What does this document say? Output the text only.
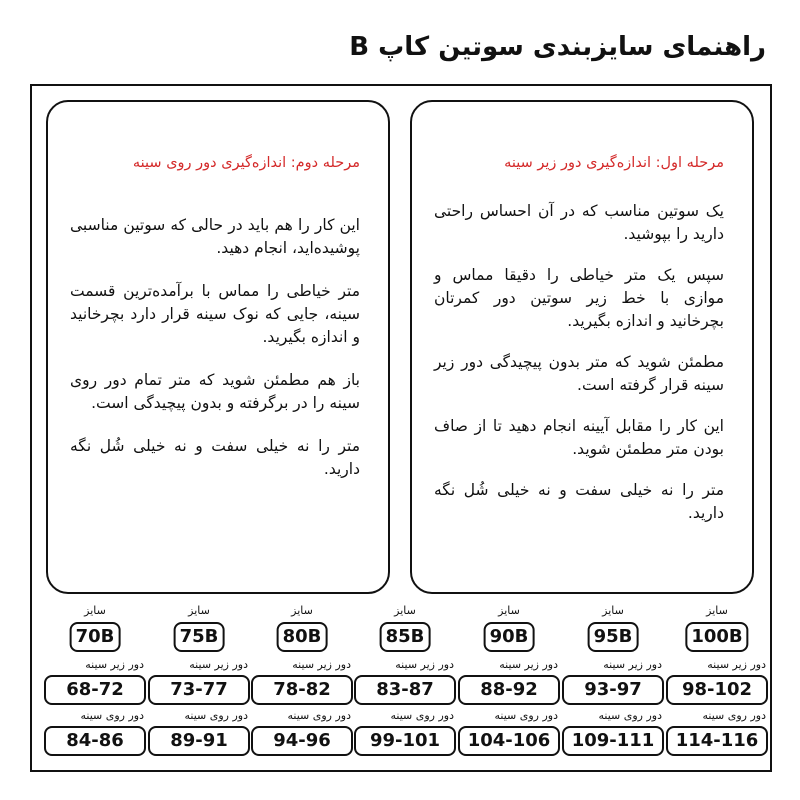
راهنمای سایزبندی سوتین کاپ B

مرحله اول: اندازه‌گیری دور زیر سینه

یک سوتین مناسب که در آن احساس راحتی دارید را بپوشید.

سپس یک متر خیاطی را دقیقا مماس و موازی با خط زیر سوتین دور کمرتان بچرخانید و اندازه بگیرید.

مطمئن شوید که متر بدون پیچیدگی دور زیر سینه قرار گرفته است.

این کار را مقابل آیینه انجام دهید تا از صاف بودن متر مطمئن شوید.

متر را نه خیلی سفت و نه خیلی شُل نگه دارید.

مرحله دوم: اندازه‌گیری دور روی سینه

این کار را هم باید در حالی که سوتین مناسبی پوشیده‌اید، انجام دهید.

متر خیاطی را مماس با برآمده‌ترین قسمت سینه، جایی که نوک سینه قرار دارد بچرخانید و اندازه بگیرید.

باز هم مطمئن شوید که متر تمام دور روی سینه را در برگرفته و بدون پیچیدگی است.

متر را نه خیلی سفت و نه خیلی شُل نگه دارید.

سایز
100B
دور زیر سینه
98-102
دور روی سینه
114-116
سایز
95B
دور زیر سینه
93-97
دور روی سینه
109-111
سایز
90B
دور زیر سینه
88-92
دور روی سینه
104-106
سایز
85B
دور زیر سینه
83-87
دور روی سینه
99-101
سایز
80B
دور زیر سینه
78-82
دور روی سینه
94-96
سایز
75B
دور زیر سینه
73-77
دور روی سینه
89-91
سایز
70B
دور زیر سینه
68-72
دور روی سینه
84-86
